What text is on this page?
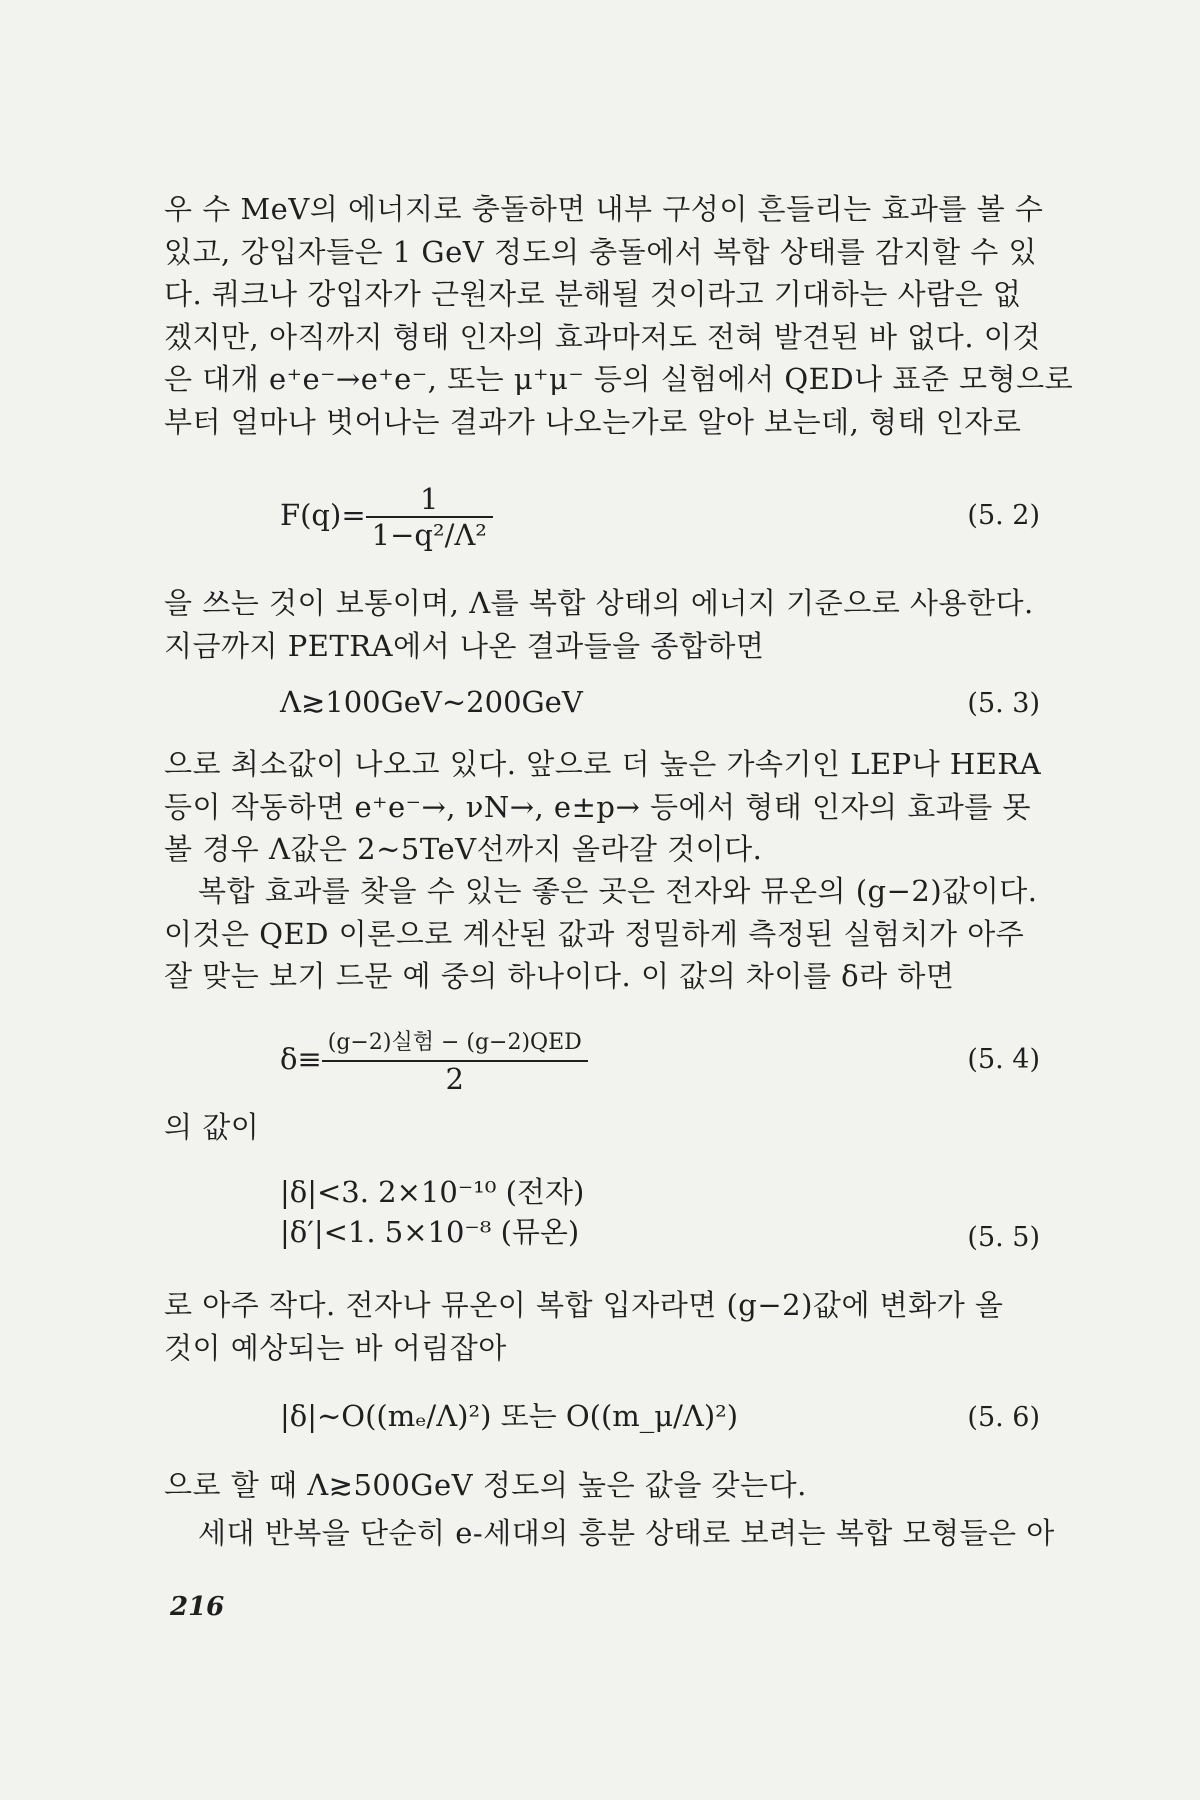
우 수 MeV의 에너지로 충돌하면 내부 구성이 흔들리는 효과를 볼 수
있고, 강입자들은 1 GeV 정도의 충돌에서 복합 상태를 감지할 수 있
다. 쿼크나 강입자가 근원자로 분해될 것이라고 기대하는 사람은 없
겠지만, 아직까지 형태 인자의 효과마저도 전혀 발견된 바 없다. 이것
은 대개 e⁺e⁻→e⁺e⁻, 또는 μ⁺μ⁻ 등의 실험에서 QED나 표준 모형으로
부터 얼마나 벗어나는 결과가 나오는가로 알아 보는데, 형태 인자로

$F(q)= \frac{1}{\text{1−q²/Λ²}}$	(5. 2)

을 쓰는 것이 보통이며, Λ를 복합 상태의 에너지 기준으로 사용한다.
지금까지 PETRA에서 나온 결과들을 종합하면

Λ≳100GeV∼200GeV	(5. 3)

으로 최소값이 나오고 있다. 앞으로 더 높은 가속기인 LEP나 HERA
등이 작동하면 e⁺e⁻→, νN→, e±p→ 등에서 형태 인자의 효과를 못
볼 경우 Λ값은 2∼5TeV선까지 올라갈 것이다.

복합 효과를 찾을 수 있는 좋은 곳은 전자와 뮤온의 (g−2)값이다.
이것은 QED 이론으로 계산된 값과 정밀하게 측정된 실험치가 아주
잘 맞는 보기 드문 예 중의 하나이다. 이 값의 차이를 δ라 하면

$\delta\equiv \frac{\text{(g−2)실험 − (g−2)QED}}{2}$	(5. 4)

의 값이

|δ|<3. 2×10⁻¹⁰ (전자)
|δ′|<1. 5×10⁻⁸ (뮤온)	(5. 5)

로 아주 작다. 전자나 뮤온이 복합 입자라면 (g−2)값에 변화가 올
것이 예상되는 바 어림잡아

|δ|∼O((mₑ/Λ)²) 또는 O((m_μ/Λ)²)	(5. 6)

으로 할 때 Λ≳500GeV 정도의 높은 값을 갖는다.

세대 반복을 단순히 e-세대의 흥분 상태로 보려는 복합 모형들은 아

216
